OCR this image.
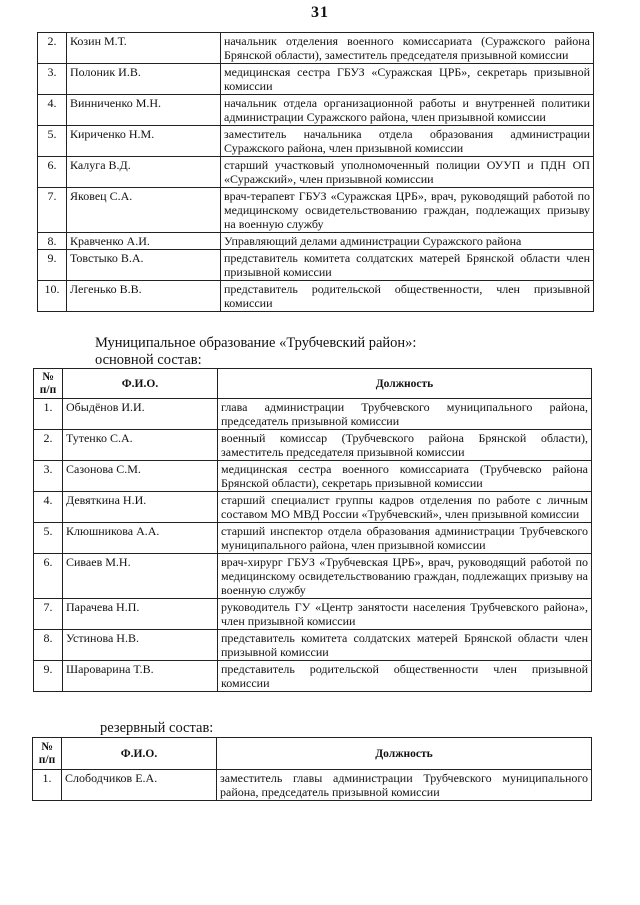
31
2.	Козин М.Т.	начальник отделения военного комиссариата (Суражского района Брянской области), заместитель председателя призывной комиссии
3.	Полоник И.В.	медицинская сестра ГБУЗ «Суражская ЦРБ», секретарь призывной комиссии
4.	Винниченко М.Н.	начальник отдела организационной работы и внутренней политики администрации Суражского района, член призывной комиссии
5.	Кириченко Н.М.	заместитель начальника отдела образования администрации Суражского района, член призывной комиссии
6.	Калуга В.Д.	старший участковый уполномоченный полиции ОУУП и ПДН ОП «Суражский», член призывной комиссии
7.	Яковец С.А.	врач-терапевт ГБУЗ «Суражская ЦРБ», врач, руководящий работой по медицинскому освидетельствованию граждан, подлежащих призыву на военную службу
8.	Кравченко А.И.	Управляющий делами администрации Суражского района
9.	Товстыко В.А.	представитель комитета солдатских матерей Брянской области член призывной комиссии
10.	Легенько В.В.	представитель родительской общественности, член призывной комиссии
Муниципальное образование «Трубчевский район»:
основной состав:
№
п/п	Ф.И.О.	Должность
1.	Обыдёнов И.И.	глава администрации Трубчевского муниципального района, председатель призывной комиссии
2.	Тутенко С.А.	военный комиссар (Трубчевского района Брянской области), заместитель председателя призывной комиссии
3.	Сазонова С.М.	медицинская сестра военного комиссариата (Трубчевско района Брянской области), секретарь призывной комиссии
4.	Девяткина Н.И.	старший специалист группы кадров отделения по работе с личным составом МО МВД России «Трубчевский», член призывной комиссии
5.	Клюшникова А.А.	старший инспектор отдела образования администрации Трубчевского муниципального района, член призывной комиссии
6.	Сиваев М.Н.	врач-хирург ГБУЗ «Трубчевская ЦРБ», врач, руководящий работой по медицинскому освидетельствованию граждан, подлежащих призыву на военную службу
7.	Парачева Н.П.	руководитель ГУ «Центр занятости населения Трубчевского района», член призывной комиссии
8.	Устинова Н.В.	представитель комитета солдатских матерей Брянской области член призывной комиссии
9.	Шароварина Т.В.	представитель родительской общественности член призывной комиссии
резервный состав:
№
п/п	Ф.И.О.	Должность
1.	Слободчиков Е.А.	заместитель главы администрации Трубчевского муниципального района, председатель призывной комиссии
